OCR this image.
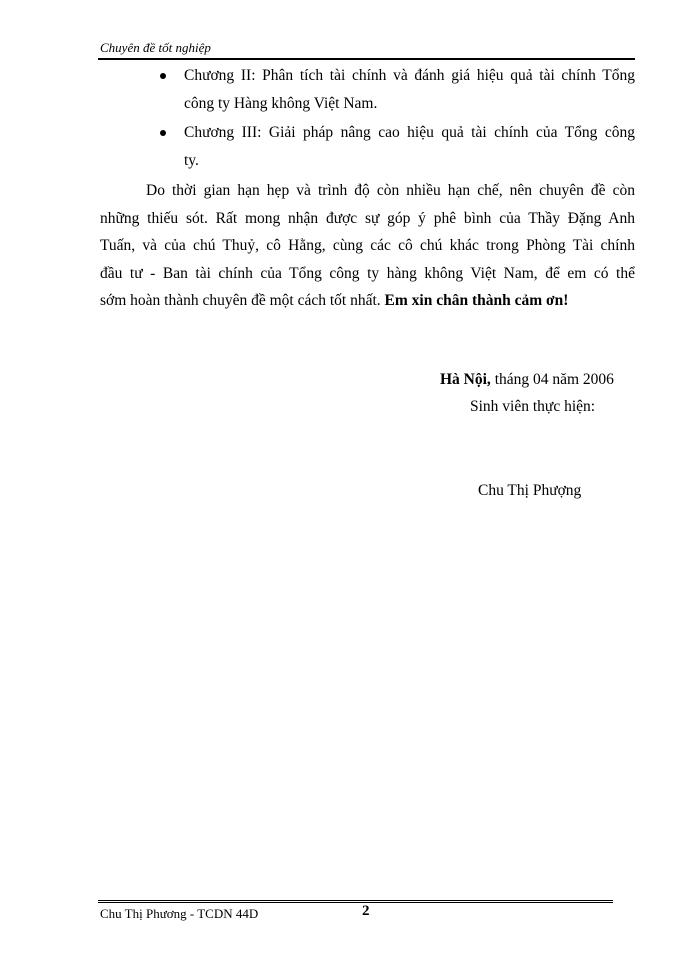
Chuyên đề tốt nghiệp
Chương II: Phân tích tài chính và đánh giá hiệu quả tài chính Tổng
công ty Hàng không Việt Nam.
Chương III: Giải pháp nâng cao hiệu quả tài chính của Tổng công
ty.
Do thời gian hạn hẹp và trình độ còn nhiều hạn chế, nên chuyên đề còn
những thiếu sót. Rất mong nhận được sự góp ý phê bình của Thầy Đặng Anh
Tuấn, và của chú Thuỷ, cô Hằng, cùng các cô chú khác trong Phòng Tài chính
đầu tư - Ban tài chính của Tổng công ty hàng không Việt Nam, để em có thể
sớm hoàn thành chuyên đề một cách tốt nhất. Em xin chân thành cảm ơn!
Hà Nội, tháng 04 năm 2006
Sinh viên thực hiện:
Chu Thị Phượng
Chu Thị Phương - TCDN 44D	2
